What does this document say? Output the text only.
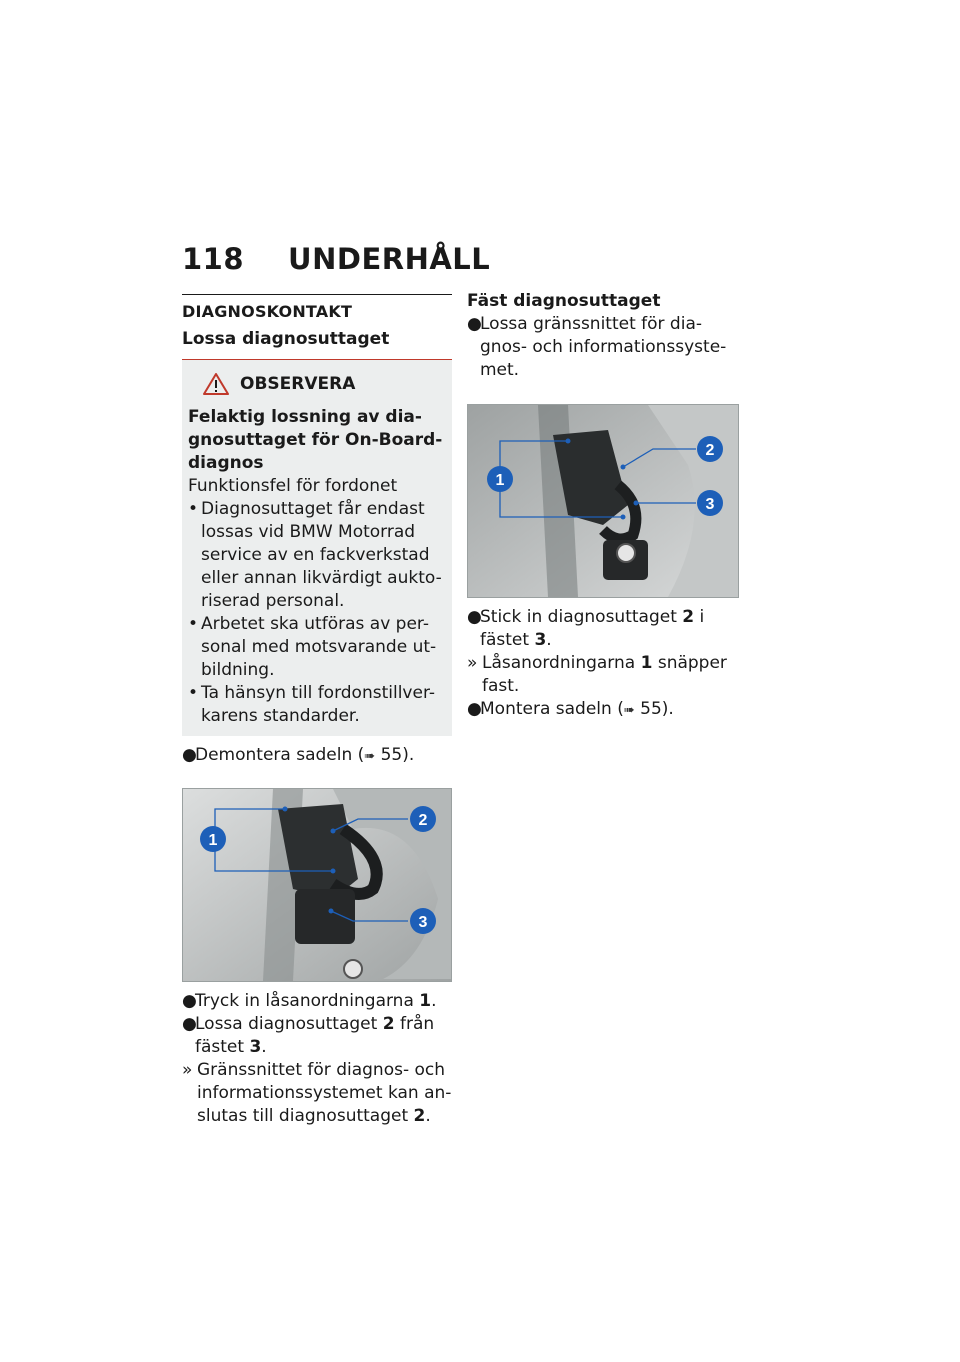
118 UNDERHÅLL
DIAGNOSKONTAKT
Lossa diagnosuttaget
OBSERVERA
Felaktig lossning av dia-gnosuttaget för On-Board-diagnos
Funktionsfel för fordonet
• Diagnosuttaget får endast lossas vid BMW Motorrad service av en fackverkstad eller annan likvärdigt aukto-riserad personal.
• Arbetet ska utföras av per-sonal med motsvarande ut-bildning.
• Ta hänsyn till fordonstillver-karens standarder.
●
Demontera sadeln (➠ 55).
1
2
3
●
Tryck in låsanordningarna 1.
●
Lossa diagnosuttaget 2 från fästet 3.
» Gränssnittet för diagnos- och informationssystemet kan an-slutas till diagnosuttaget 2.
Fäst diagnosuttaget
●
Lossa gränssnittet för dia-gnos- och informationssyste-met.
1
2
3
●
Stick in diagnosuttaget 2 i fästet 3.
» Låsanordningarna 1 snäpper fast.
●
Montera sadeln (➠ 55).
